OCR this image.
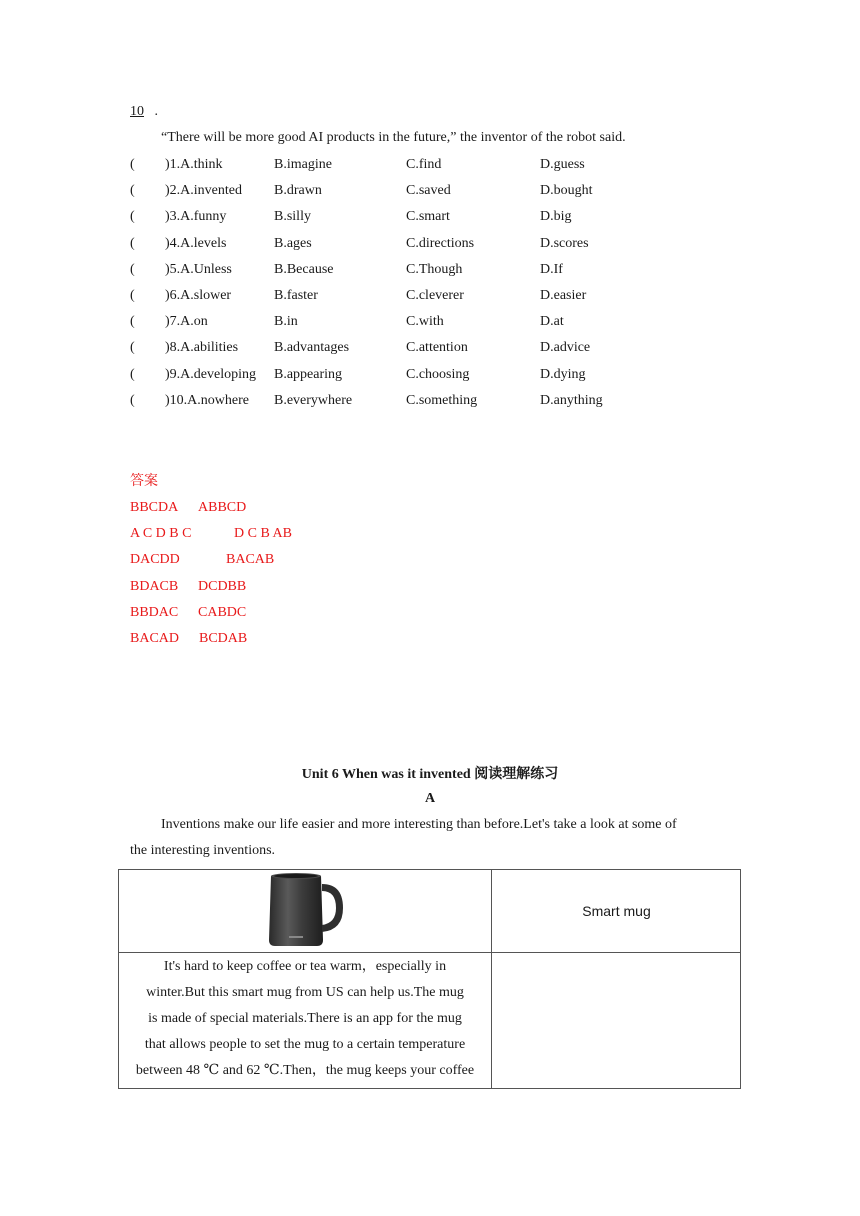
10 .
“There will be more good AI products in the future,” the inventor of the robot said.
( )1.A.think	B.imagine	C.find	D.guess
( )2.A.invented B.drawn	C.saved	D.bought
( )3.A.funny	B.silly	C.smart	D.big
( )4.A.levels	B.ages	C.directions	D.scores
( )5.A.Unless	B.Because	C.Though	D.If
( )6.A.slower	B.faster	C.cleverer	D.easier
( )7.A.on	B.in	C.with	D.at
( )8.A.abilities	B.advantages	C.attention	D.advice
( )9.A.developing B.appearing	C.choosing	D.dying
( )10.A.nowhere B.everywhere	C.something	D.anything
答案
BBCDA ABBCD
A C D B C	D C B AB
DACDD	BACAB
BDACB DCDBB
BBDAC CABDC
BACAD BCDAB
Unit 6 When was it invented 阅读理解练习
A
Inventions make our life easier and more interesting than before.Let's take a look at some of
the interesting inventions.
Smart mug
It's hard to keep coffee or tea warm，especially in
winter.But this smart mug from US can help us.The mug
is made of special materials.There is an app for the mug
that allows people to set the mug to a certain temperature
between 48 ℃ and 62 ℃.Then，the mug keeps your coffee
